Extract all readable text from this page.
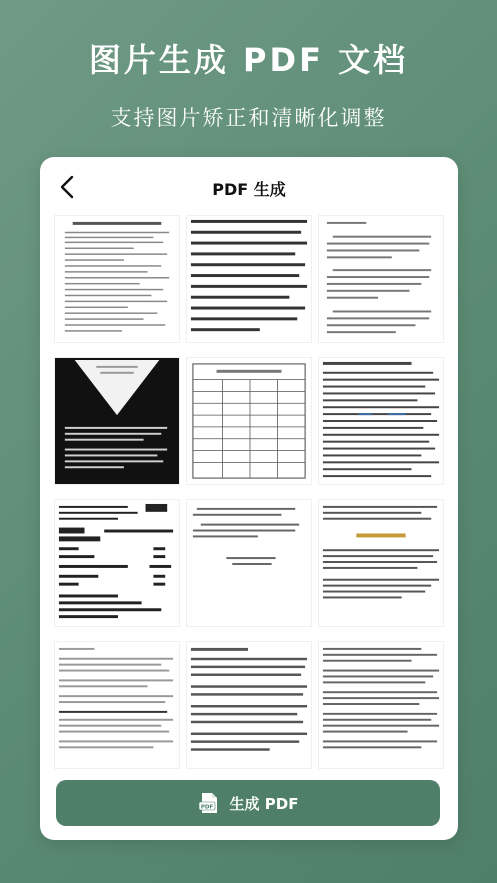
图片生成 PDF 文档
支持图片矫正和清晰化调整
PDF 生成
PDF 生成 PDF
